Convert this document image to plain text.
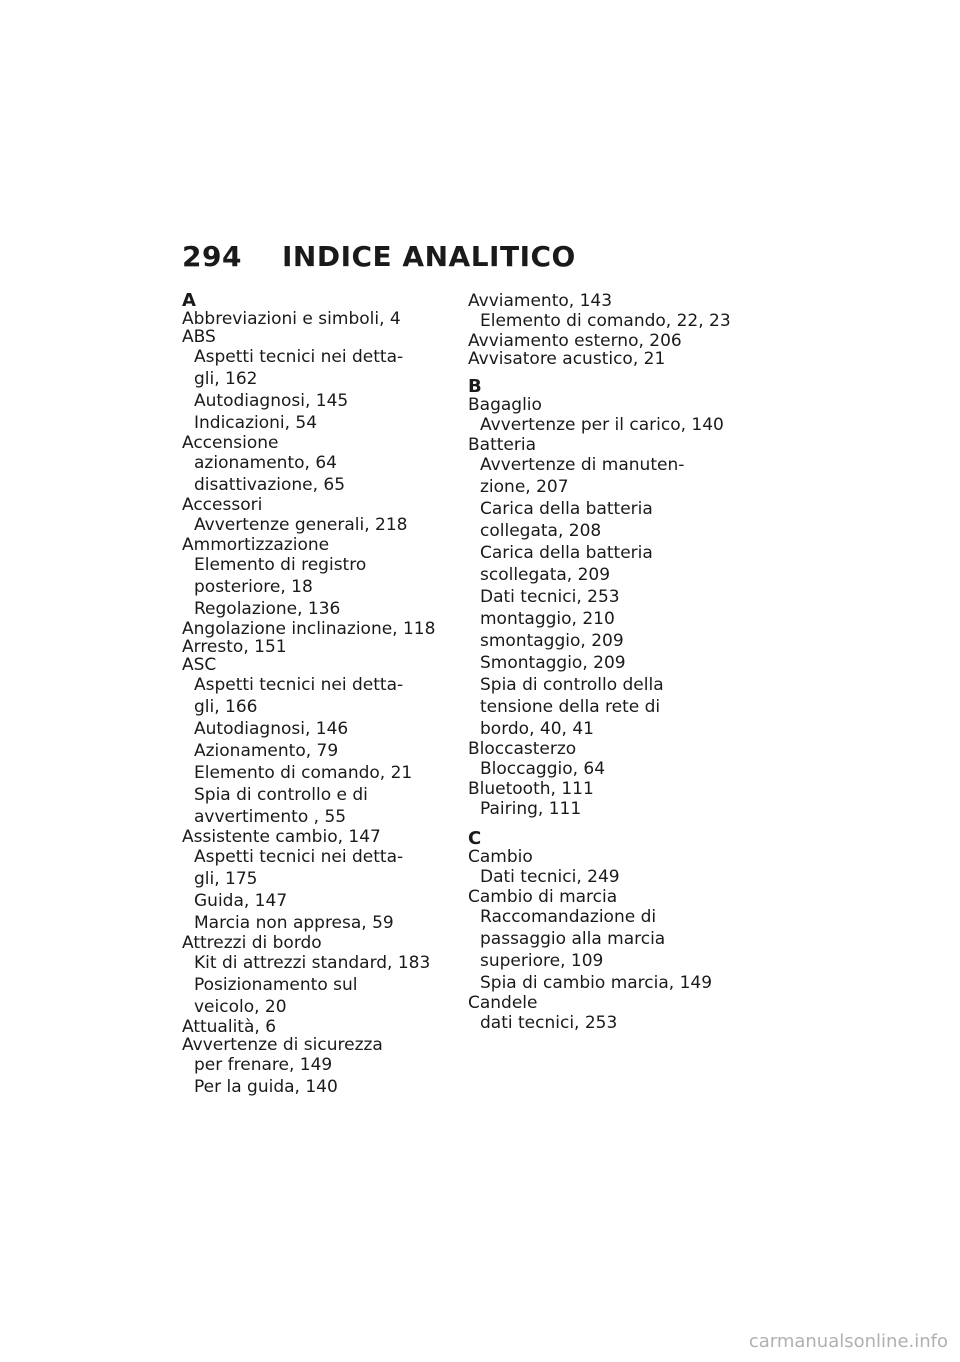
294 INDICE ANALITICO
A
Abbreviazioni e simboli, 4
ABS
Aspetti tecnici nei detta-
gli, 162
Autodiagnosi, 145
Indicazioni, 54
Accensione
azionamento, 64
disattivazione, 65
Accessori
Avvertenze generali, 218
Ammortizzazione
Elemento di registro
posteriore, 18
Regolazione, 136
Angolazione inclinazione, 118
Arresto, 151
ASC
Aspetti tecnici nei detta-
gli, 166
Autodiagnosi, 146
Azionamento, 79
Elemento di comando, 21
Spia di controllo e di
avvertimento , 55
Assistente cambio, 147
Aspetti tecnici nei detta-
gli, 175
Guida, 147
Marcia non appresa, 59
Attrezzi di bordo
Kit di attrezzi standard, 183
Posizionamento sul
veicolo, 20
Attualità, 6
Avvertenze di sicurezza
per frenare, 149
Per la guida, 140
Avviamento, 143
Elemento di comando, 22, 23
Avviamento esterno, 206
Avvisatore acustico, 21
B
Bagaglio
Avvertenze per il carico, 140
Batteria
Avvertenze di manuten-
zione, 207
Carica della batteria
collegata, 208
Carica della batteria
scollegata, 209
Dati tecnici, 253
montaggio, 210
smontaggio, 209
Smontaggio, 209
Spia di controllo della
tensione della rete di
bordo, 40, 41
Bloccasterzo
Bloccaggio, 64
Bluetooth, 111
Pairing, 111
C
Cambio
Dati tecnici, 249
Cambio di marcia
Raccomandazione di
passaggio alla marcia
superiore, 109
Spia di cambio marcia, 149
Candele
dati tecnici, 253
carmanualsonline.info
